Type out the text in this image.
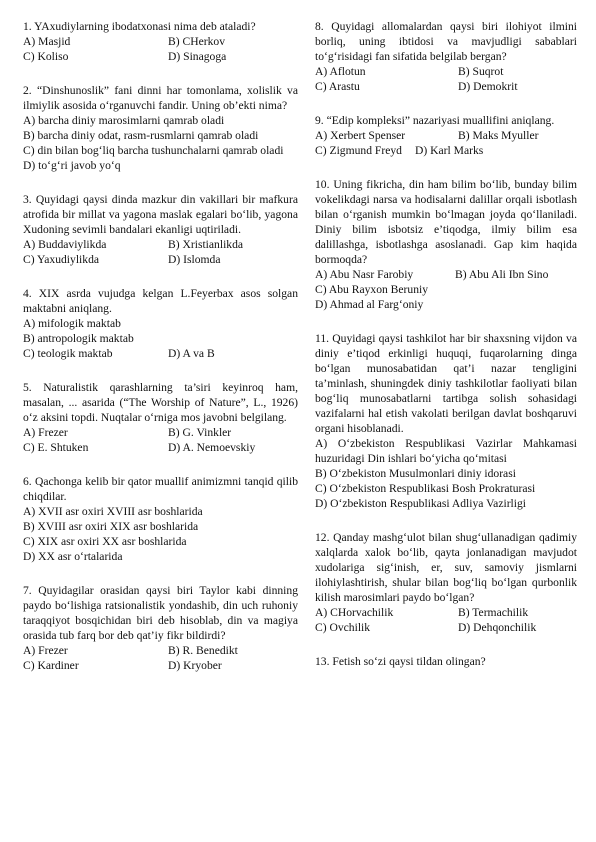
1. YAxudiylarning ibodatxonasi nima deb ataladi?
A) Masjid	B) CHerkov
C) Koliso	D) Sinagoga
2. “Dinshunoslik” fani dinni har tomonlama, xolislik va ilmiylik asosida o‘rganuvchi fandir. Uning ob’ekti nima?
A) barcha diniy marosimlarni qamrab oladi
B) barcha diniy odat, rasm-rusmlarni qamrab oladi
C) din bilan bog‘liq barcha tushunchalarni qamrab oladi
D) to‘g‘ri javob yo‘q
3. Quyidagi qaysi dinda mazkur din vakillari bir mafkura atrofida bir millat va yagona maslak egalari bo‘lib, yagona Xudoning sevimli bandalari ekanligi uqtiriladi.
A) Buddaviylikda	B) Xristianlikda
C) Yaxudiylikda	D) Islomda
4. XIX asrda vujudga kelgan L.Feyerbax asos solgan maktabni aniqlang.
A) mifologik maktab
B) antropologik maktab
C) teologik maktab	D) A va B
5. Naturalistik qarashlarning ta’siri keyinroq ham, masalan, ... asarida (“The Worship of Nature”, L., 1926) o‘z aksini topdi. Nuqtalar o‘rniga mos javobni belgilang.
A) Frezer	B) G. Vinkler
C) E. Shtuken	D) A. Nemoevskiy
6. Qachonga kelib bir qator muallif animizmni tanqid qilib chiqdilar.
A) XVII asr oxiri XVIII asr boshlarida
B) XVIII asr oxiri XIX asr boshlarida
C) XIX asr oxiri XX asr boshlarida
D) XX asr o‘rtalarida
7. Quyidagilar orasidan qaysi biri Taylor kabi dinning paydo bo‘lishiga ratsionalistik yondashib, din uch ruhoniy taraqqiyot bosqichidan biri deb hisoblab, din va magiya orasida tub farq bor deb qat’iy fikr bildirdi?
A) Frezer	B) R. Benedikt
C) Kardiner	D) Kryober
8. Quyidagi allomalardan qaysi biri ilohiyot ilmini borliq, uning ibtidosi va mavjudligi sabablari to‘g‘risidagi fan sifatida belgilab bergan?
A) Aflotun	B) Suqrot
C) Arastu	D) Demokrit
9. “Edip kompleksi” nazariyasi muallifini aniqlang.
A) Xerbert Spenser	B) Maks Myuller
C) Zigmund Freyd	D) Karl Marks
10. Uning fikricha, din ham bilim bo‘lib, bunday bilim vokelikdagi narsa va hodisalarni dalillar orqali isbotlash bilan o‘rganish mumkin bo‘lmagan joyda qo‘llaniladi. Diniy bilim isbotsiz e’tiqodga, ilmiy bilim esa dalillashga, isbotlashga asoslanadi. Gap kim haqida bormoqda?
A) Abu Nasr Farobiy	B) Abu Ali Ibn Sino
C) Abu Rayxon Beruniy
D) Ahmad al Farg‘oniy
11. Quyidagi qaysi tashkilot har bir shaxsning vijdon va diniy e’tiqod erkinligi huquqi, fuqarolarning dinga bo‘lgan munosabatidan qat’i nazar tengligini ta’minlash, shuningdek diniy tashkilotlar faoliyati bilan bog‘liq munosabatlarni tartibga solish sohasidagi vazifalarni hal etish vakolati berilgan davlat boshqaruvi organi hisoblanadi.
A) O‘zbekiston Respublikasi Vazirlar Mahkamasi huzuridagi Din ishlari bo‘yicha qo‘mitasi
B) O‘zbekiston Musulmonlari diniy idorasi
C) O‘zbekiston Respublikasi Bosh Prokraturasi
D) O‘zbekiston Respublikasi Adliya Vazirligi
12. Qanday mashg‘ulot bilan shug‘ullanadigan qadimiy xalqlarda xalok bo‘lib, qayta jonlanadigan mavjudot xudolariga sig‘inish, er, suv, samoviy jismlarni ilohiylashtirish, shular bilan bog‘liq bo‘lgan qurbonlik kilish marosimlari paydo bo‘lgan?
A) CHorvachilik	B) Termachilik
C) Ovchilik	D) Dehqonchilik
13. Fetish so‘zi qaysi tildan olingan?
